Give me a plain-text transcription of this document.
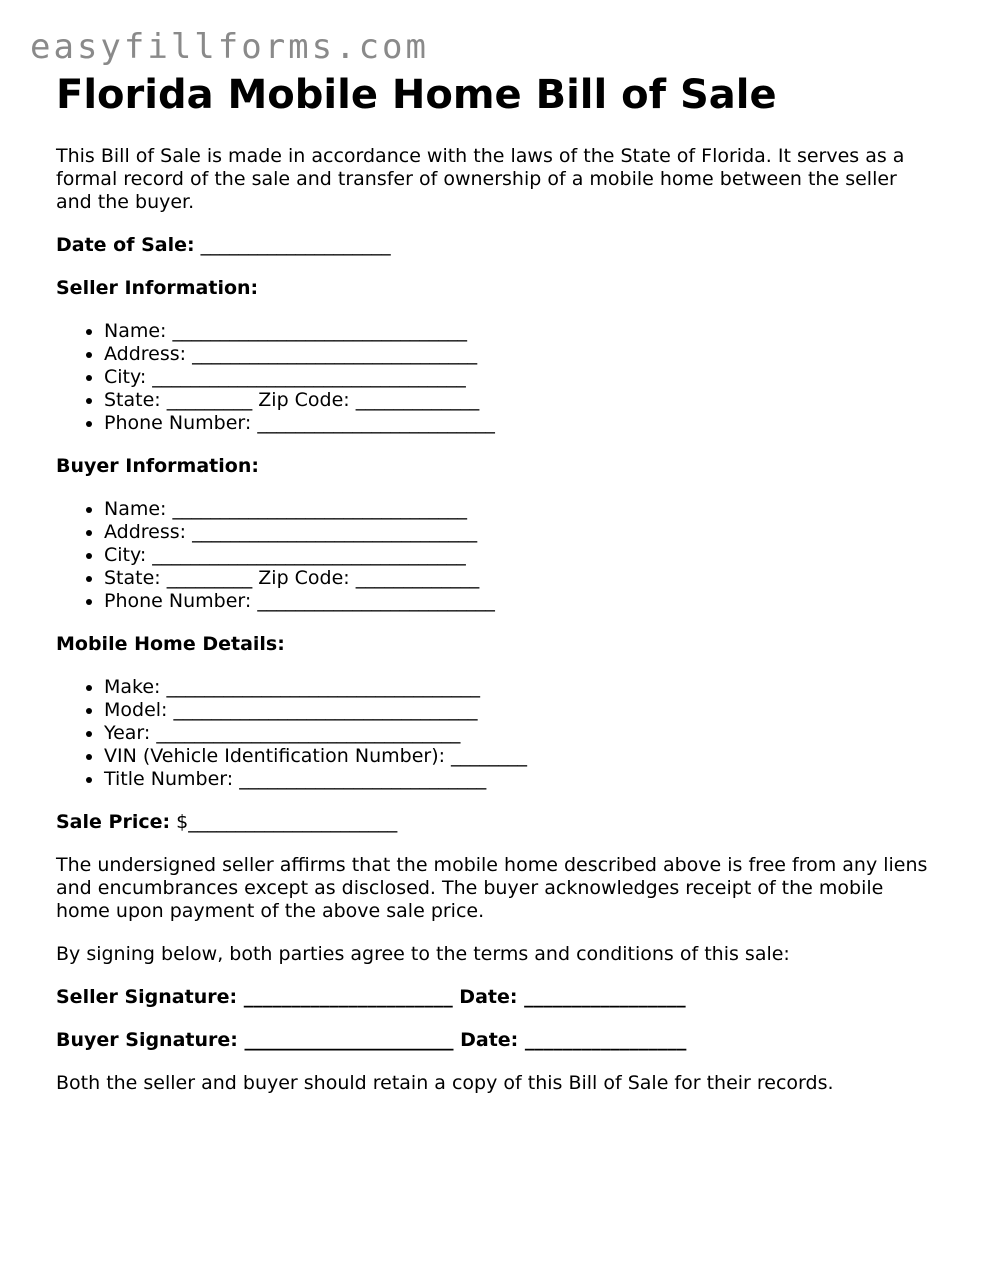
easyfillforms.com
Florida Mobile Home Bill of Sale

This Bill of Sale is made in accordance with the laws of the State of Florida. It serves as a formal record of the sale and transfer of ownership of a mobile home between the seller and the buyer.

Date of Sale: ____________________

Seller Information:

• Name: _______________________________
• Address: ______________________________
• City: _________________________________
• State: _________ Zip Code: _____________
• Phone Number: _________________________

Buyer Information:

• Name: _______________________________
• Address: ______________________________
• City: _________________________________
• State: _________ Zip Code: _____________
• Phone Number: _________________________

Mobile Home Details:

• Make: _________________________________
• Model: ________________________________
• Year: ________________________________
• VIN (Vehicle Identification Number): ________
• Title Number: __________________________

Sale Price: $______________________

The undersigned seller affirms that the mobile home described above is free from any liens and encumbrances except as disclosed. The buyer acknowledges receipt of the mobile home upon payment of the above sale price.

By signing below, both parties agree to the terms and conditions of this sale:

Seller Signature: ______________________ Date: _________________

Buyer Signature: ______________________ Date: _________________

Both the seller and buyer should retain a copy of this Bill of Sale for their records.
